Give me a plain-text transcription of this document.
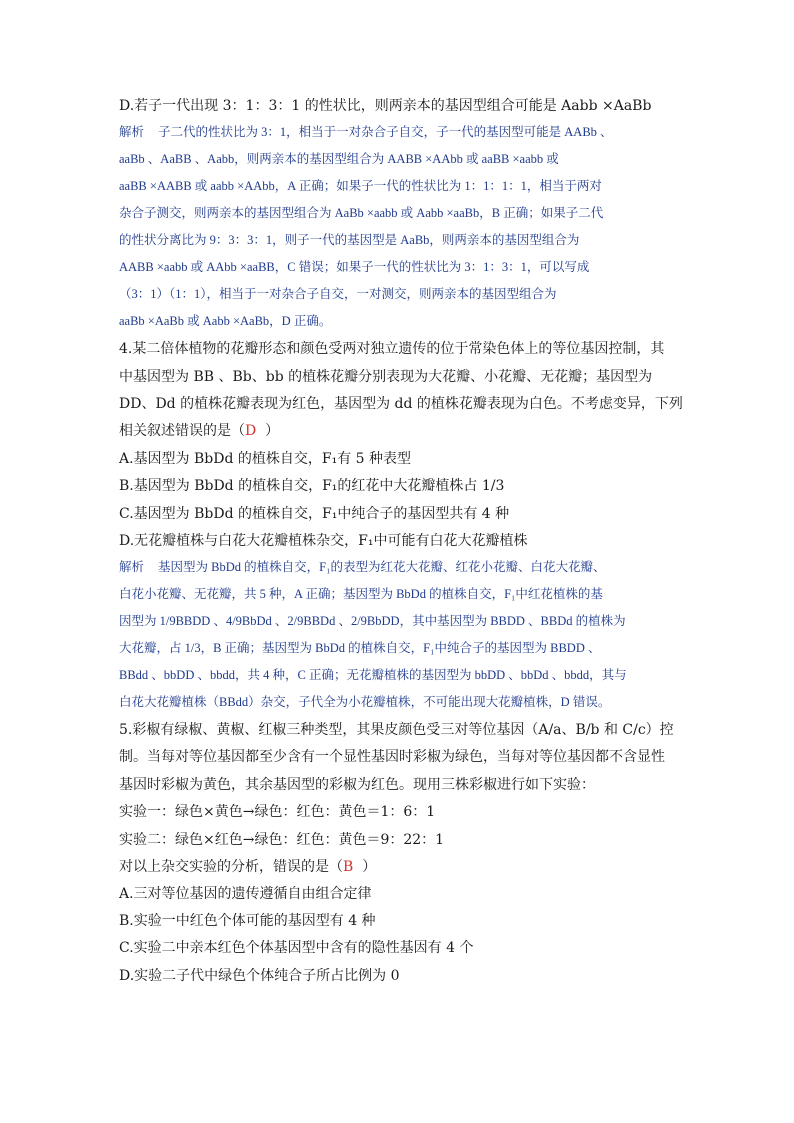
D.若子一代出现 3：1：3：1 的性状比，则两亲本的基因型组合可能是 Aabb ×AaBb
解析 子二代的性状比为 3：1，相当于一对杂合子自交，子一代的基因型可能是 AABb 、
aaBb 、AaBB 、Aabb，则两亲本的基因型组合为 AABB ×AAbb 或 aaBB ×aabb 或
aaBB ×AABB 或 aabb ×AAbb，A 正确；如果子一代的性状比为 1：1：1：1，相当于两对
杂合子测交，则两亲本的基因型组合为 AaBb ×aabb 或 Aabb ×aaBb，B 正确；如果子二代
的性状分离比为 9：3：3：1，则子一代的基因型是 AaBb，则两亲本的基因型组合为
AABB ×aabb 或 AAbb ×aaBB，C 错误；如果子一代的性状比为 3：1：3：1，可以写成
（3：1）（1：1），相当于一对杂合子自交，一对测交，则两亲本的基因型组合为
aaBb ×AaBb 或 Aabb ×AaBb，D 正确。
4.某二倍体植物的花瓣形态和颜色受两对独立遗传的位于常染色体上的等位基因控制，其
中基因型为 BB 、Bb、bb 的植株花瓣分别表现为大花瓣、小花瓣、无花瓣；基因型为
DD、Dd 的植株花瓣表现为红色，基因型为 dd 的植株花瓣表现为白色。不考虑变异，下列
相关叙述错误的是（D  ）
A.基因型为 BbDd 的植株自交，F₁有 5 种表型
B.基因型为 BbDd 的植株自交，F₁的红花中大花瓣植株占 1/3
C.基因型为 BbDd 的植株自交，F₁中纯合子的基因型共有 4 种
D.无花瓣植株与白花大花瓣植株杂交，F₁中可能有白花大花瓣植株
解析 基因型为 BbDd 的植株自交，F₁的表型为红花大花瓣、红花小花瓣、白花大花瓣、
白花小花瓣、无花瓣，共 5 种，A 正确；基因型为 BbDd 的植株自交，F₁中红花植株的基
因型为 1/9BBDD 、4/9BbDd 、2/9BBDd 、2/9BbDD，其中基因型为 BBDD 、BBDd 的植株为
大花瓣，占 1/3，B 正确；基因型为 BbDd 的植株自交，F₁中纯合子的基因型为 BBDD 、
BBdd 、bbDD 、bbdd，共 4 种，C 正确；无花瓣植株的基因型为 bbDD 、bbDd 、bbdd，其与
白花大花瓣植株（BBdd）杂交，子代全为小花瓣植株，不可能出现大花瓣植株，D 错误。
5.彩椒有绿椒、黄椒、红椒三种类型，其果皮颜色受三对等位基因（A/a、B/b 和 C/c）控
制。当每对等位基因都至少含有一个显性基因时彩椒为绿色，当每对等位基因都不含显性
基因时彩椒为黄色，其余基因型的彩椒为红色。现用三株彩椒进行如下实验：
实验一：绿色×黄色→绿色：红色：黄色＝1：6：1
实验二：绿色×红色→绿色：红色：黄色＝9：22：1
对以上杂交实验的分析，错误的是（B  ）
A.三对等位基因的遗传遵循自由组合定律
B.实验一中红色个体可能的基因型有 4 种
C.实验二中亲本红色个体基因型中含有的隐性基因有 4 个
D.实验二子代中绿色个体纯合子所占比例为 0
